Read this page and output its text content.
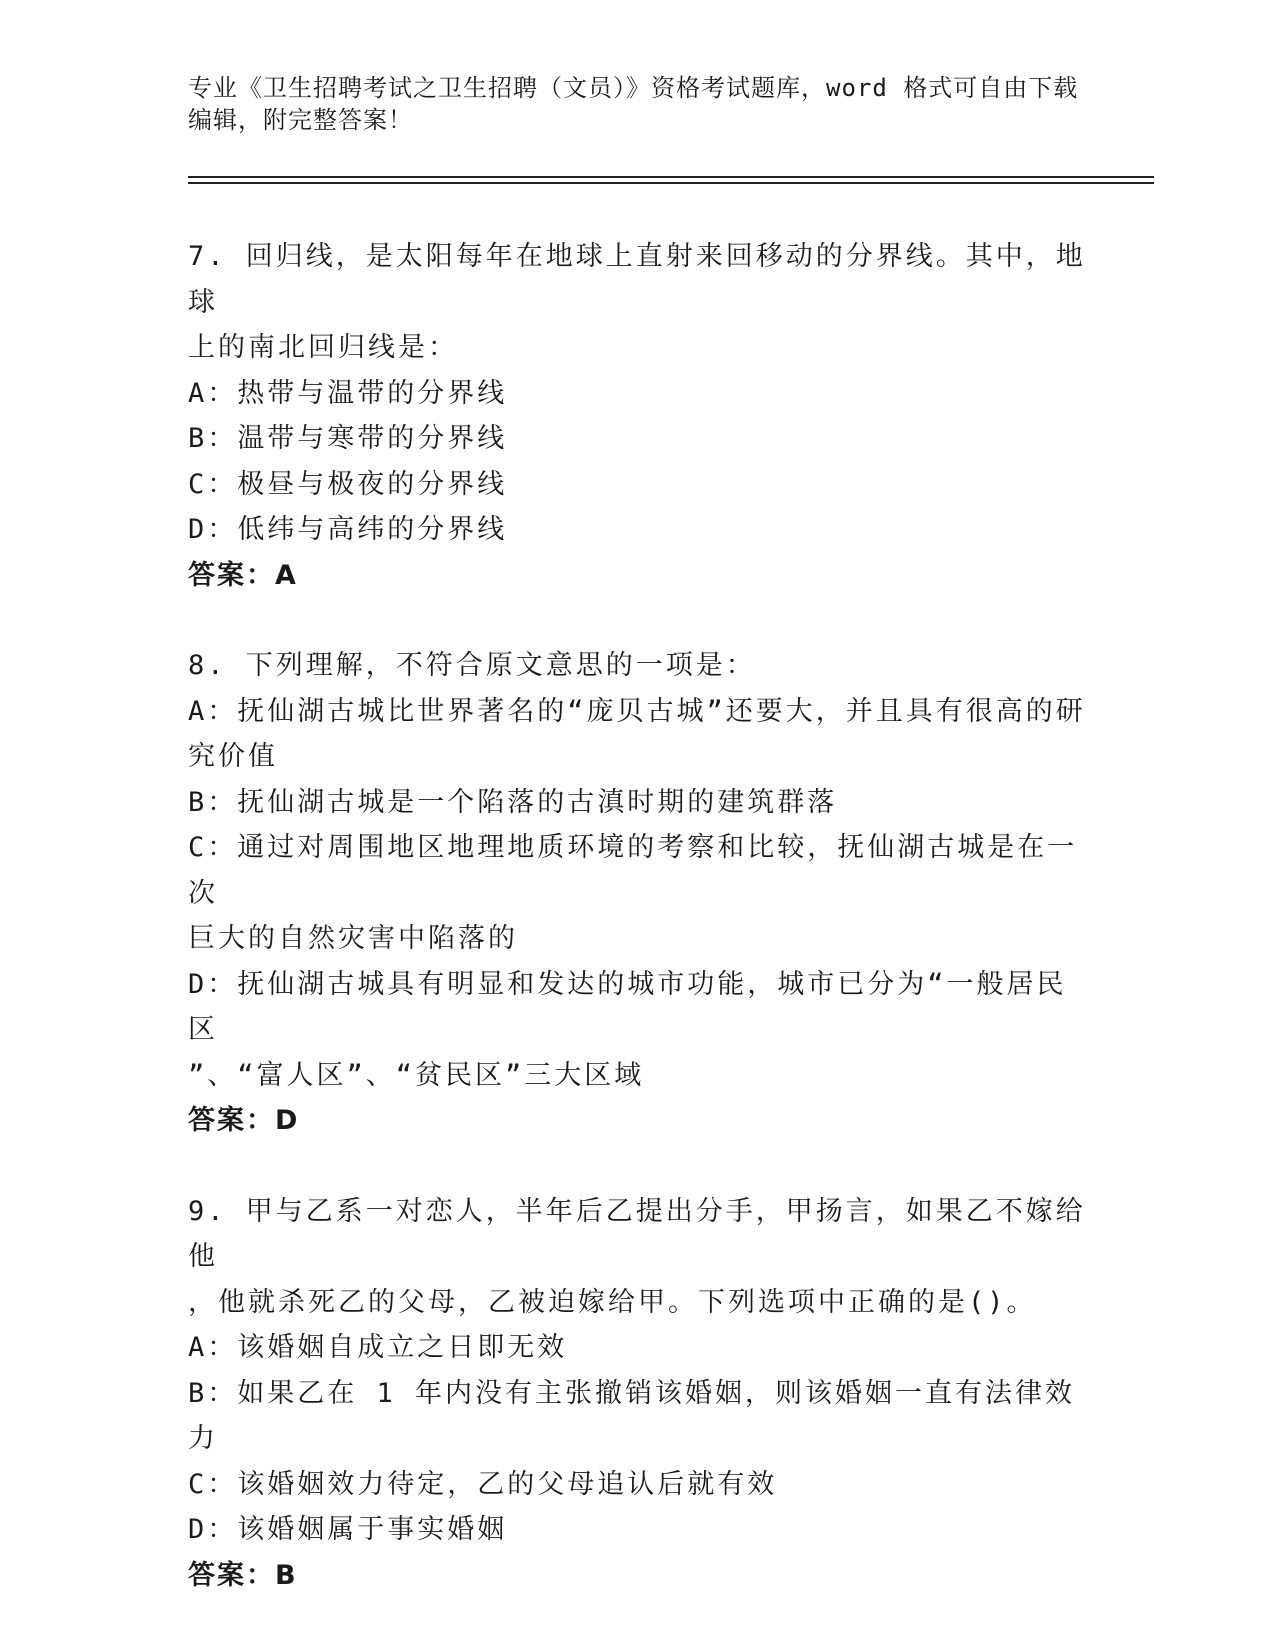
专业《卫生招聘考试之卫生招聘（文员）》资格考试题库，word 格式可自由下载
编辑，附完整答案！

7. 回归线，是太阳每年在地球上直射来回移动的分界线。其中，地球

上的南北回归线是：

A：热带与温带的分界线

B：温带与寒带的分界线

C：极昼与极夜的分界线

D：低纬与高纬的分界线

答案：A

8. 下列理解，不符合原文意思的一项是：

A：抚仙湖古城比世界著名的“庞贝古城”还要大，并且具有很高的研

究价值

B：抚仙湖古城是一个陷落的古滇时期的建筑群落

C：通过对周围地区地理地质环境的考察和比较，抚仙湖古城是在一次

巨大的自然灾害中陷落的

D：抚仙湖古城具有明显和发达的城市功能，城市已分为“一般居民区

”、“富人区”、“贫民区”三大区域

答案：D

9. 甲与乙系一对恋人，半年后乙提出分手，甲扬言，如果乙不嫁给他

，他就杀死乙的父母，乙被迫嫁给甲。下列选项中正确的是()。

A：该婚姻自成立之日即无效

B：如果乙在 1 年内没有主张撤销该婚姻，则该婚姻一直有法律效力

C：该婚姻效力待定，乙的父母追认后就有效

D：该婚姻属于事实婚姻

答案：B
